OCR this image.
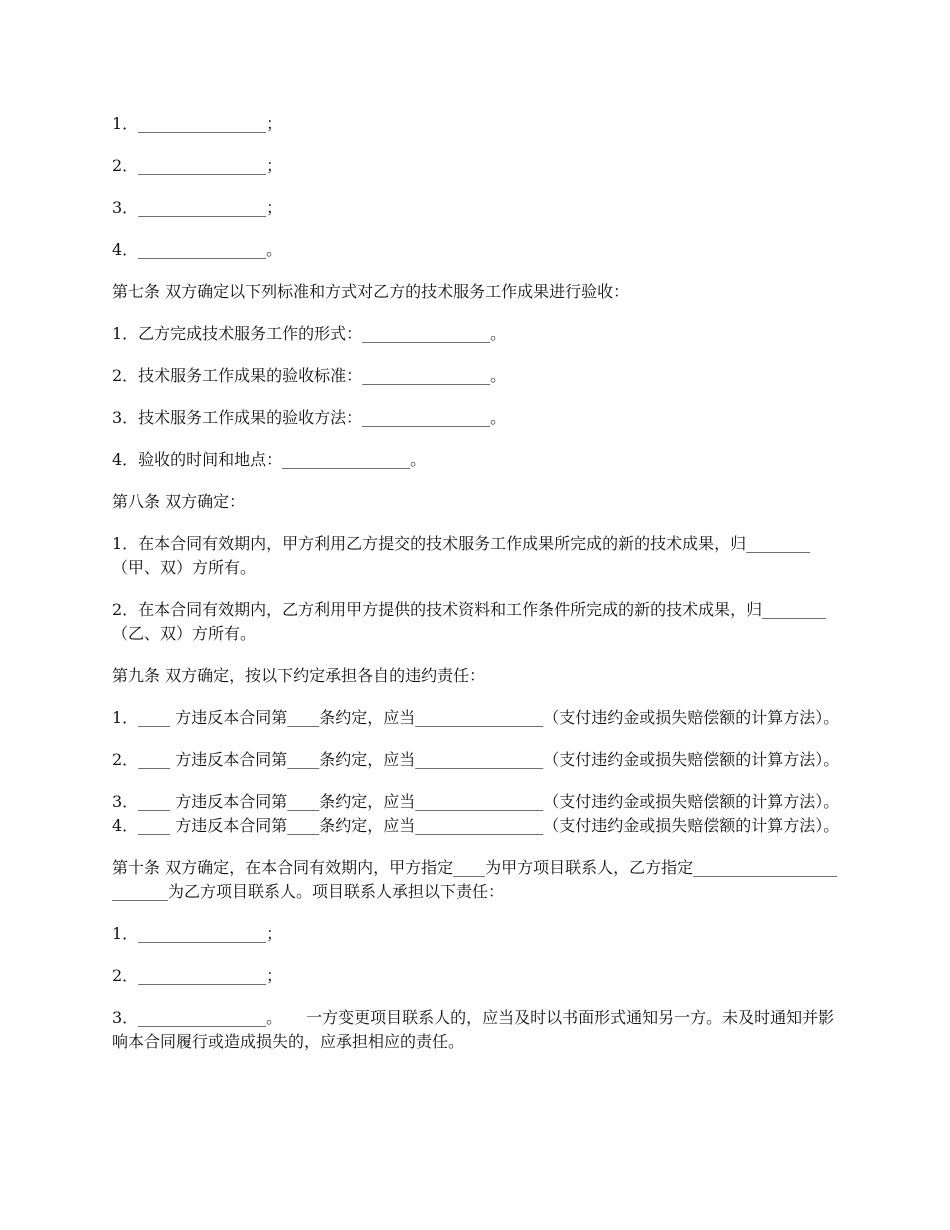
1．________________；

2．________________；

3．________________；

4．________________。

第七条 双方确定以下列标准和方式对乙方的技术服务工作成果进行验收：

1．乙方完成技术服务工作的形式：________________。

2．技术服务工作成果的验收标准：________________。

3．技术服务工作成果的验收方法：________________。

4．验收的时间和地点：________________。

第八条 双方确定：

1．在本合同有效期内，甲方利用乙方提交的技术服务工作成果所完成的新的技术成果，归________（甲、双）方所有。

2．在本合同有效期内，乙方利用甲方提供的技术资料和工作条件所完成的新的技术成果，归________（乙、双）方所有。

第九条 双方确定，按以下约定承担各自的违约责任：

1．____ 方违反本合同第____条约定，应当________________（支付违约金或损失赔偿额的计算方法）。

2．____ 方违反本合同第____条约定，应当________________（支付违约金或损失赔偿额的计算方法）。

3．____ 方违反本合同第____条约定，应当________________（支付违约金或损失赔偿额的计算方法）。　　4．____ 方违反本合同第____条约定，应当________________（支付违约金或损失赔偿额的计算方法）。

第十条 双方确定，在本合同有效期内，甲方指定____为甲方项目联系人，乙方指定_________________________为乙方项目联系人。项目联系人承担以下责任：

1．________________；

2．________________；

3．________________。　　一方变更项目联系人的，应当及时以书面形式通知另一方。未及时通知并影响本合同履行或造成损失的，应承担相应的责任。
